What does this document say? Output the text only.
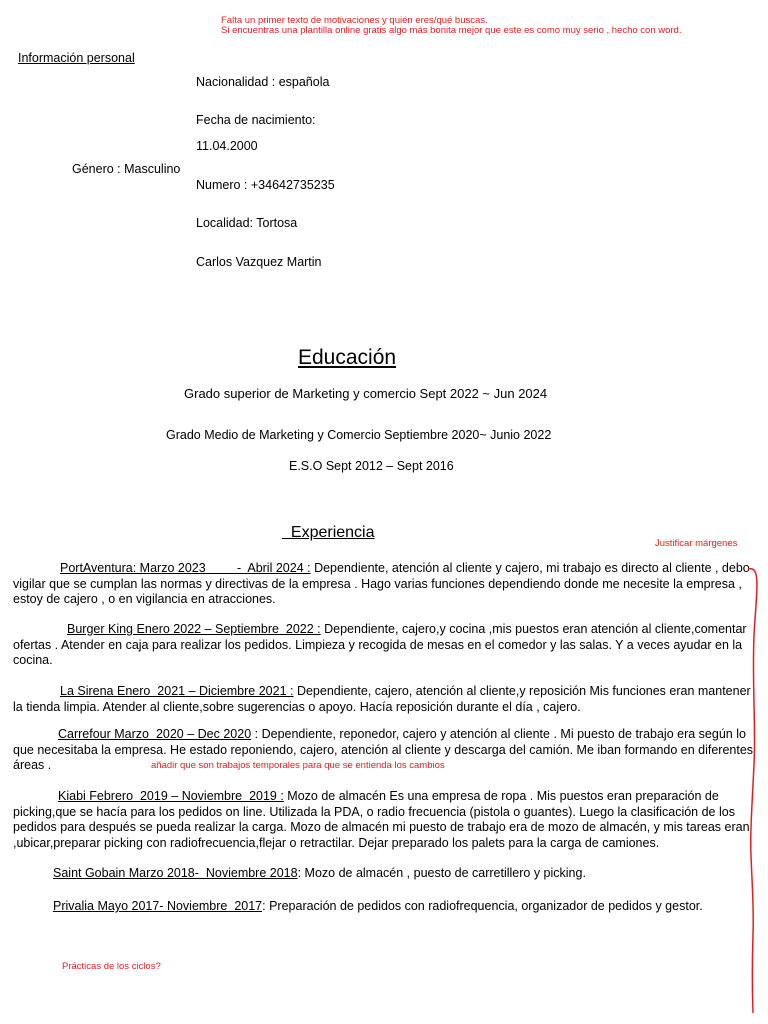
Falta un primer texto de motivaciones y quién eres/qué buscas.
Si encuentras una plantilla online gratis algo más bonita mejor que este es como muy serio , hecho con word.
Información personal
Nacionalidad : española
Fecha de nacimiento:
11.04.2000
Género : Masculino
Numero : +34642735235
Localidad: Tortosa
Carlos Vazquez Martin
Educación
Grado superior de Marketing y comercio Sept 2022 ~ Jun 2024
Grado Medio de Marketing y Comercio Septiembre 2020~ Junio 2022
E.S.O Sept 2012 – Sept 2016
Experiencia
Justificar márgenes
PortAventura: Marzo 2023         -  Abril 2024 : Dependiente, atención al cliente y cajero, mi trabajo es directo al cliente , debo vigilar que se cumplan las normas y directivas de la empresa . Hago varias funciones dependiendo donde me necesite la empresa , estoy de cajero , o en vigilancia en atracciones.
Burger King Enero 2022 – Septiembre  2022 : Dependiente, cajero,y cocina ,mis puestos eran atención al cliente,comentar ofertas . Atender en caja para realizar los pedidos. Limpieza y recogida de mesas en el comedor y las salas. Y a veces ayudar en la cocina.
La Sirena Enero  2021 – Diciembre 2021 : Dependiente, cajero, atención al cliente,y reposición Mis funciones eran mantener la tienda limpia. Atender al cliente,sobre sugerencias o apoyo. Hacía reposición durante el día , cajero.
Carrefour Marzo  2020 – Dec 2020 : Dependiente, reponedor, cajero y atención al cliente . Mi puesto de trabajo era según lo que necesitaba la empresa. He estado reponiendo, cajero, atención al cliente y descarga del camión. Me iban formando en diferentes áreas .	añadir que son trabajos temporales para que se entienda los cambios
Kiabi Febrero  2019 – Noviembre  2019 : Mozo de almacén Es una empresa de ropa . Mis puestos eran preparación de picking,que se hacía para los pedidos on line. Utilizada la PDA, o radio frecuencia (pistola o guantes). Luego la clasificación de los pedidos para después se pueda realizar la carga. Mozo de almacén mi puesto de trabajo era de mozo de almacén, y mis tareas eran ,ubicar,preparar picking con radiofrecuencia,flejar o retractilar. Dejar preparado los palets para la carga de camiones.
Saint Gobain Marzo 2018-  Noviembre 2018: Mozo de almacén , puesto de carretillero y picking.
Privalia Mayo 2017- Noviembre  2017: Preparación de pedidos con radiofrequencia, organizador de pedidos y gestor.
Prácticas de los ciclos?
